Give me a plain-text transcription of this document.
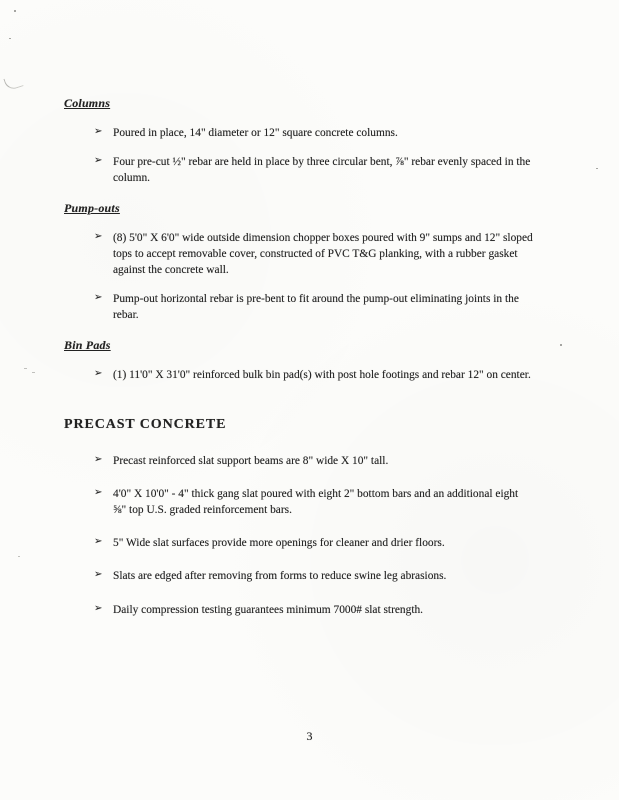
Columns
➢ Poured in place, 14" diameter or 12" square concrete columns.
➢ Four pre-cut ½" rebar are held in place by three circular bent, ⅞" rebar evenly spaced in the column.
Pump-outs
➢ (8) 5'0" X 6'0" wide outside dimension chopper boxes poured with 9" sumps and 12" sloped tops to accept removable cover, constructed of PVC T&G planking, with a rubber gasket against the concrete wall.
➢ Pump-out horizontal rebar is pre-bent to fit around the pump-out eliminating joints in the rebar.
Bin Pads
➢ (1) 11'0" X 31'0" reinforced bulk bin pad(s) with post hole footings and rebar 12" on center.
PRECAST CONCRETE
➢ Precast reinforced slat support beams are 8" wide X 10" tall.
➢ 4'0" X 10'0" - 4" thick gang slat poured with eight 2" bottom bars and an additional eight ⅝" top U.S. graded reinforcement bars.
➢ 5" Wide slat surfaces provide more openings for cleaner and drier floors.
➢ Slats are edged after removing from forms to reduce swine leg abrasions.
➢ Daily compression testing guarantees minimum 7000# slat strength.
3
